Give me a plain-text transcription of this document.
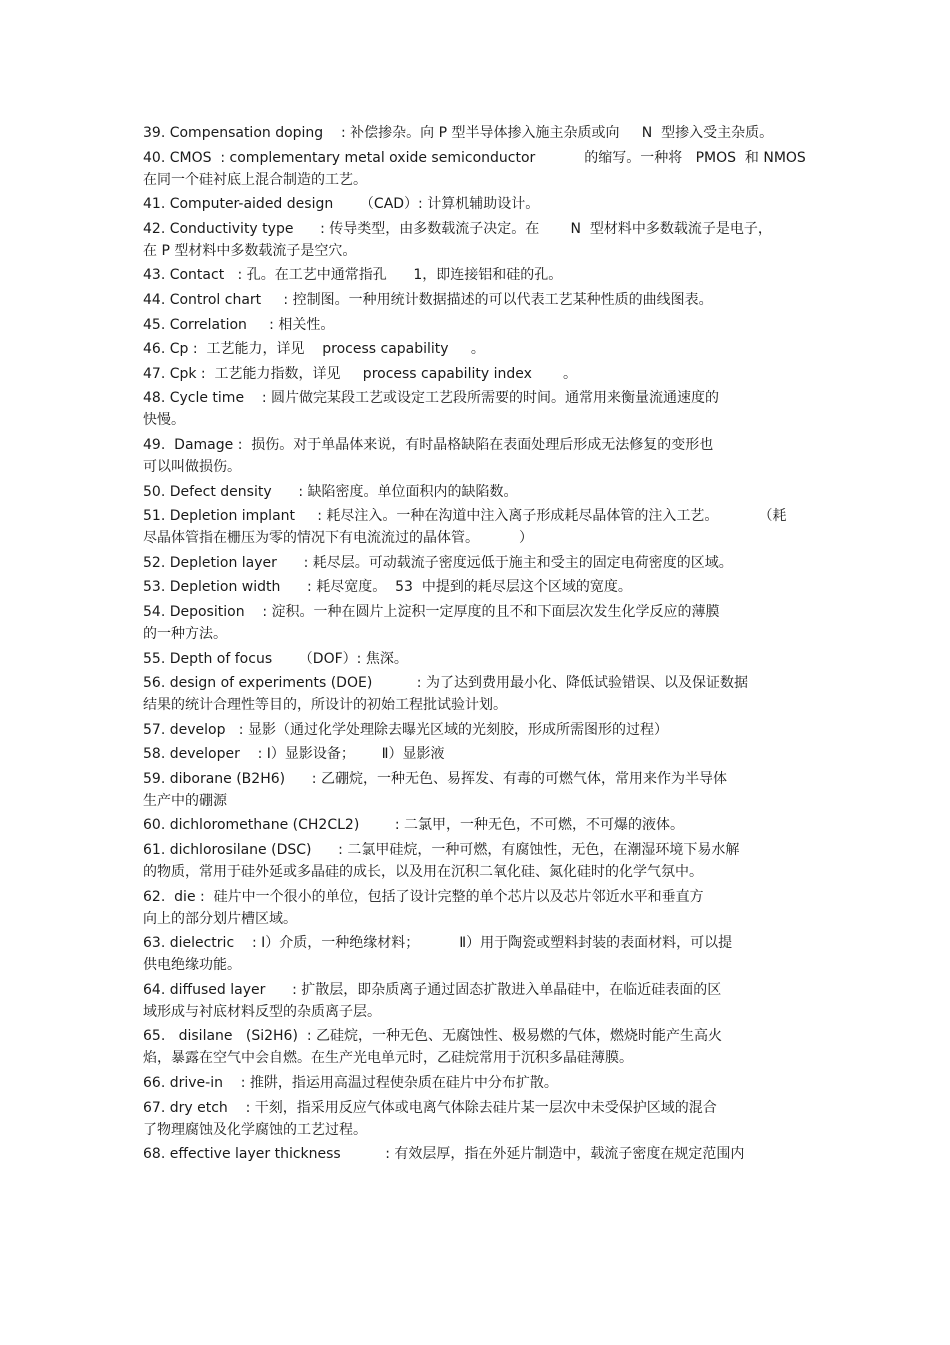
39. Compensation doping    : 补偿掺杂。向 P 型半导体掺入施主杂质或向     N  型掺入受主杂质。
40. CMOS  : complementary metal oxide semiconductor           的缩写。一种将   PMOS  和 NMOS
在同一个硅衬底上混合制造的工艺。
41. Computer-aided design      （CAD）: 计算机辅助设计。
42. Conductivity type      : 传导类型，由多数载流子决定。在       N  型材料中多数载流子是电子，
在 P 型材料中多数载流子是空穴。
43. Contact   : 孔。在工艺中通常指孔      1，即连接铝和硅的孔。
44. Control chart     : 控制图。一种用统计数据描述的可以代表工艺某种性质的曲线图表。
45. Correlation     : 相关性。
46. Cp :  工艺能力，详见    process capability     。
47. Cpk :  工艺能力指数，详见     process capability index       。
48. Cycle time    : 圆片做完某段工艺或设定工艺段所需要的时间。通常用来衡量流通速度的
快慢。
49.  Damage :  损伤。对于单晶体来说，有时晶格缺陷在表面处理后形成无法修复的变形也
可以叫做损伤。
50. Defect density      : 缺陷密度。单位面积内的缺陷数。
51. Depletion implant     : 耗尽注入。一种在沟道中注入离子形成耗尽晶体管的注入工艺。         （耗
尽晶体管指在栅压为零的情况下有电流流过的晶体管。         ）
52. Depletion layer      : 耗尽层。可动载流子密度远低于施主和受主的固定电荷密度的区域。
53. Depletion width      : 耗尽宽度。  53  中提到的耗尽层这个区域的宽度。
54. Deposition    : 淀积。一种在圆片上淀积一定厚度的且不和下面层次发生化学反应的薄膜
的一种方法。
55. Depth of focus      （DOF）: 焦深。
56. design of experiments (DOE)          : 为了达到费用最小化、降低试验错误、以及保证数据
结果的统计合理性等目的，所设计的初始工程批试验计划。
57. develop   : 显影（通过化学处理除去曝光区域的光刻胶，形成所需图形的过程）
58. developer    : Ⅰ）显影设备；      Ⅱ）显影液
59. diborane (B2H6)      : 乙硼烷，一种无色、易挥发、有毒的可燃气体，常用来作为半导体
生产中的硼源
60. dichloromethane (CH2CL2)        : 二氯甲，一种无色，不可燃，不可爆的液体。
61. dichlorosilane (DSC)      : 二氯甲硅烷，一种可燃，有腐蚀性，无色，在潮湿环境下易水解
的物质，常用于硅外延或多晶硅的成长，以及用在沉积二氧化硅、氮化硅时的化学气氛中。
62.  die :  硅片中一个很小的单位，包括了设计完整的单个芯片以及芯片邻近水平和垂直方
向上的部分划片槽区域。
63. dielectric    : Ⅰ）介质，一种绝缘材料；         Ⅱ）用于陶瓷或塑料封装的表面材料，可以提
供电绝缘功能。
64. diffused layer      : 扩散层，即杂质离子通过固态扩散进入单晶硅中，在临近硅表面的区
域形成与衬底材料反型的杂质离子层。
65.   disilane   (Si2H6)  : 乙硅烷，一种无色、无腐蚀性、极易燃的气体，燃烧时能产生高火
焰，暴露在空气中会自燃。在生产光电单元时，乙硅烷常用于沉积多晶硅薄膜。
66. drive-in    : 推阱，指运用高温过程使杂质在硅片中分布扩散。
67. dry etch    : 干刻，指采用反应气体或电离气体除去硅片某一层次中未受保护区域的混合
了物理腐蚀及化学腐蚀的工艺过程。
68. effective layer thickness          : 有效层厚，指在外延片制造中，载流子密度在规定范围内
